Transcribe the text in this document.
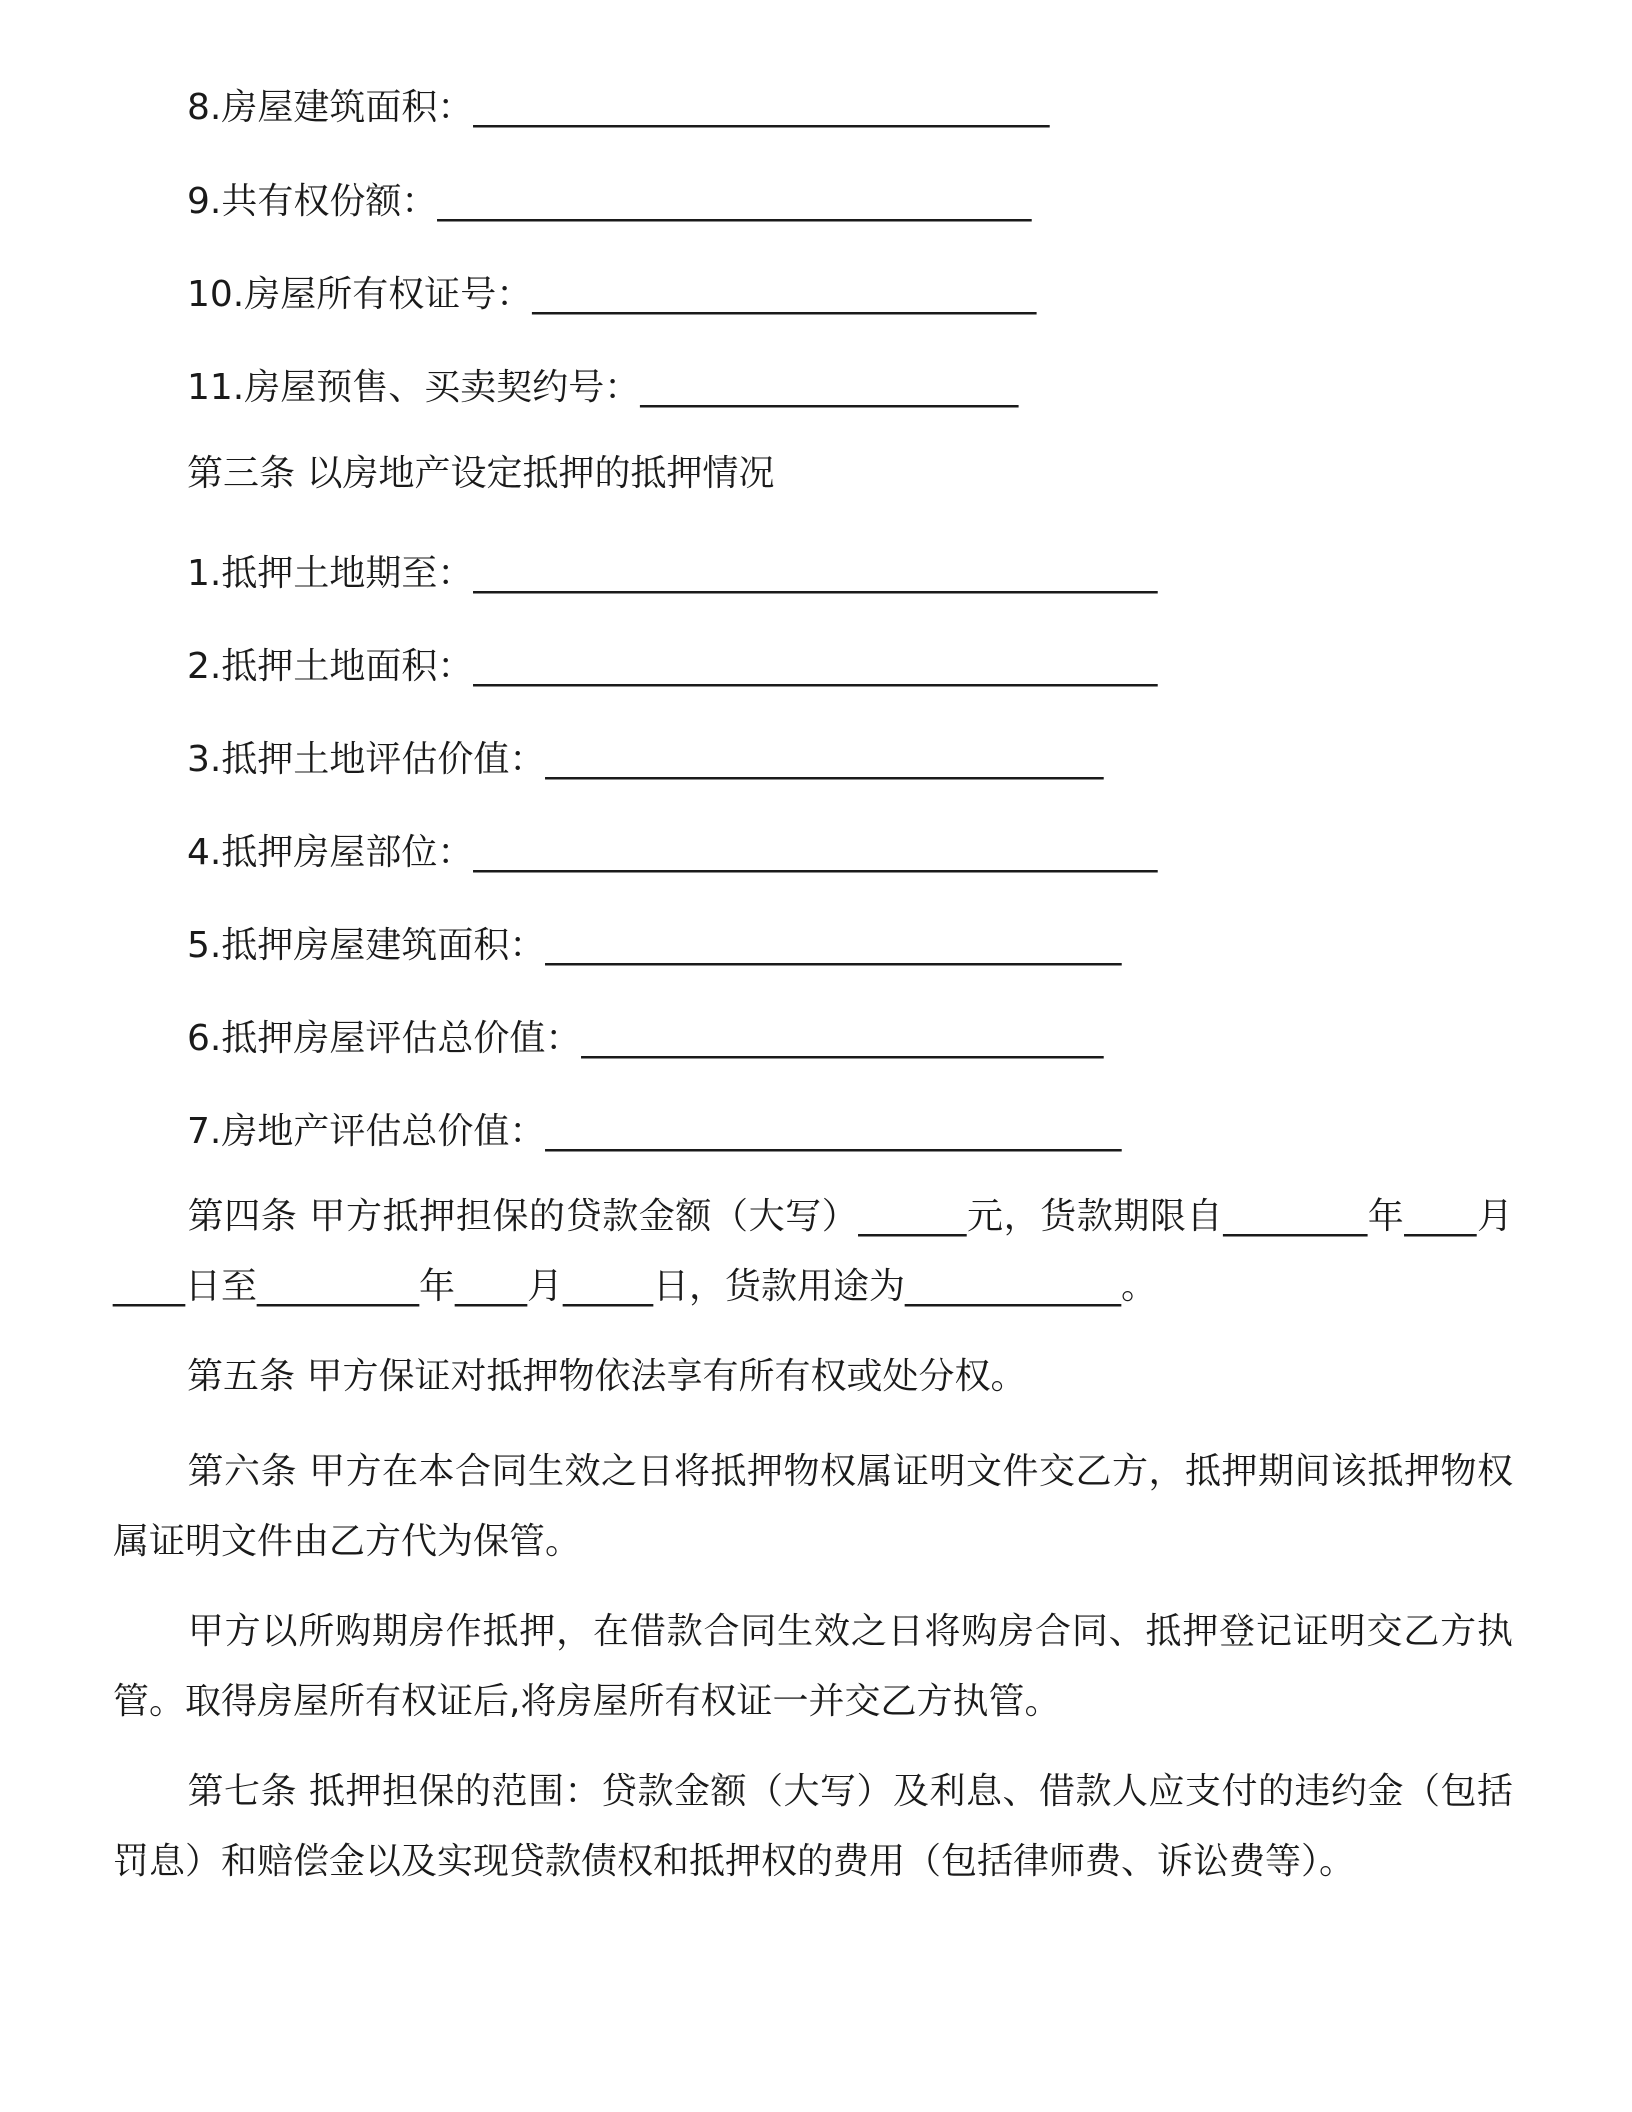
8.房屋建筑面积：________________________________
9.共有权份额：_________________________________
10.房屋所有权证号：____________________________
11.房屋预售、买卖契约号：_____________________
第三条 以房地产设定抵押的抵押情况
1.抵押土地期至：______________________________________
2.抵押土地面积：______________________________________
3.抵押土地评估价值：_______________________________
4.抵押房屋部位：______________________________________
5.抵押房屋建筑面积：________________________________
6.抵押房屋评估总价值：_____________________________
7.房地产评估总价值：________________________________
第四条 甲方抵押担保的贷款金额（大写）______元，货款期限自________年____月____日至_________年____月_____日，货款用途为____________。
第五条 甲方保证对抵押物依法享有所有权或处分权。
第六条 甲方在本合同生效之日将抵押物权属证明文件交乙方，抵押期间该抵押物权属证明文件由乙方代为保管。
甲方以所购期房作抵押，在借款合同生效之日将购房合同、抵押登记证明交乙方执管。取得房屋所有权证后,将房屋所有权证一并交乙方执管。
第七条 抵押担保的范围：贷款金额（大写）及利息、借款人应支付的违约金（包括罚息）和赔偿金以及实现贷款债权和抵押权的费用（包括律师费、诉讼费等）。
